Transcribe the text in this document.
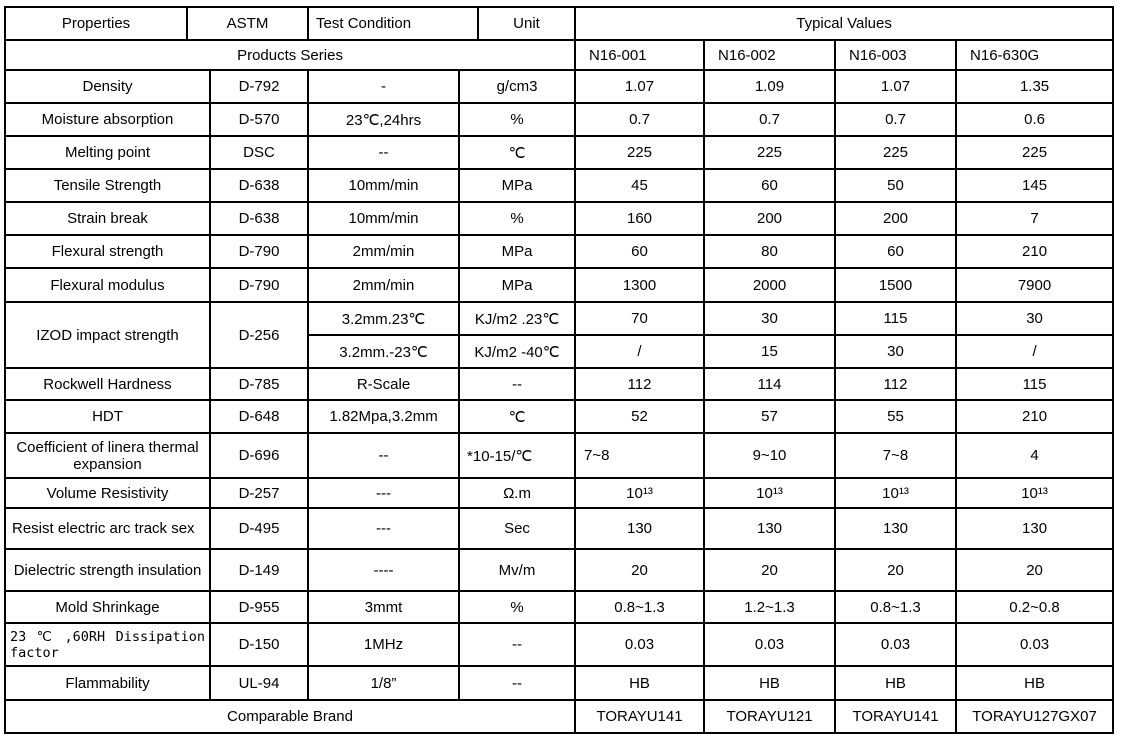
Properties	ASTM		Test Condition		Unit	Typical Values			
Products Series						N16-001	N16-002	N16-003	N16-630G
Density		D-792	-	g/cm3		1.07	1.09	1.07	1.35
Moisture absorption		D-570	23℃,24hrs	%		0.7	0.7	0.7	0.6
Melting point		DSC	--	℃		225	225	225	225
Tensile Strength		D-638	10mm/min	MPa		45	60	50	145
Strain break		D-638	10mm/min	%		160	200	200	7
Flexural strength		D-790	2mm/min	MPa		60	80	60	210
Flexural modulus		D-790	2mm/min	MPa		1300	2000	1500	7900
IZOD impact strength		D-256	3.2mm.23℃	KJ/m2 .23℃		70	30	115	30
			3.2mm.-23℃	KJ/m2 -40℃		/	15	30	/
Rockwell Hardness		D-785	R-Scale	--		112	114	112	115
HDT		D-648	1.82Mpa,3.2mm	℃		52	57	55	210
Coefficient of linera thermal expansion		D-696	--	*10-15/℃		7~8	9~10	7~8	4
Volume Resistivity		D-257	---	Ω.m		10¹³	10¹³	10¹³	10¹³
Resist electric arc track sex		D-495	---	Sec		130	130	130	130
Dielectric strength insulation		D-149	----	Mv/m		20	20	20	20
Mold Shrinkage		D-955	3mmt	%		0.8~1.3	1.2~1.3	0.8~1.3	0.2~0.8
23 ℃ ,60RH Dissipation factor		D-150	1MHz	--		0.03	0.03	0.03	0.03
Flammability		UL-94	1/8”	--		HB	HB	HB	HB
Comparable Brand						TORAYU141	TORAYU121	TORAYU141	TORAYU127GX07
